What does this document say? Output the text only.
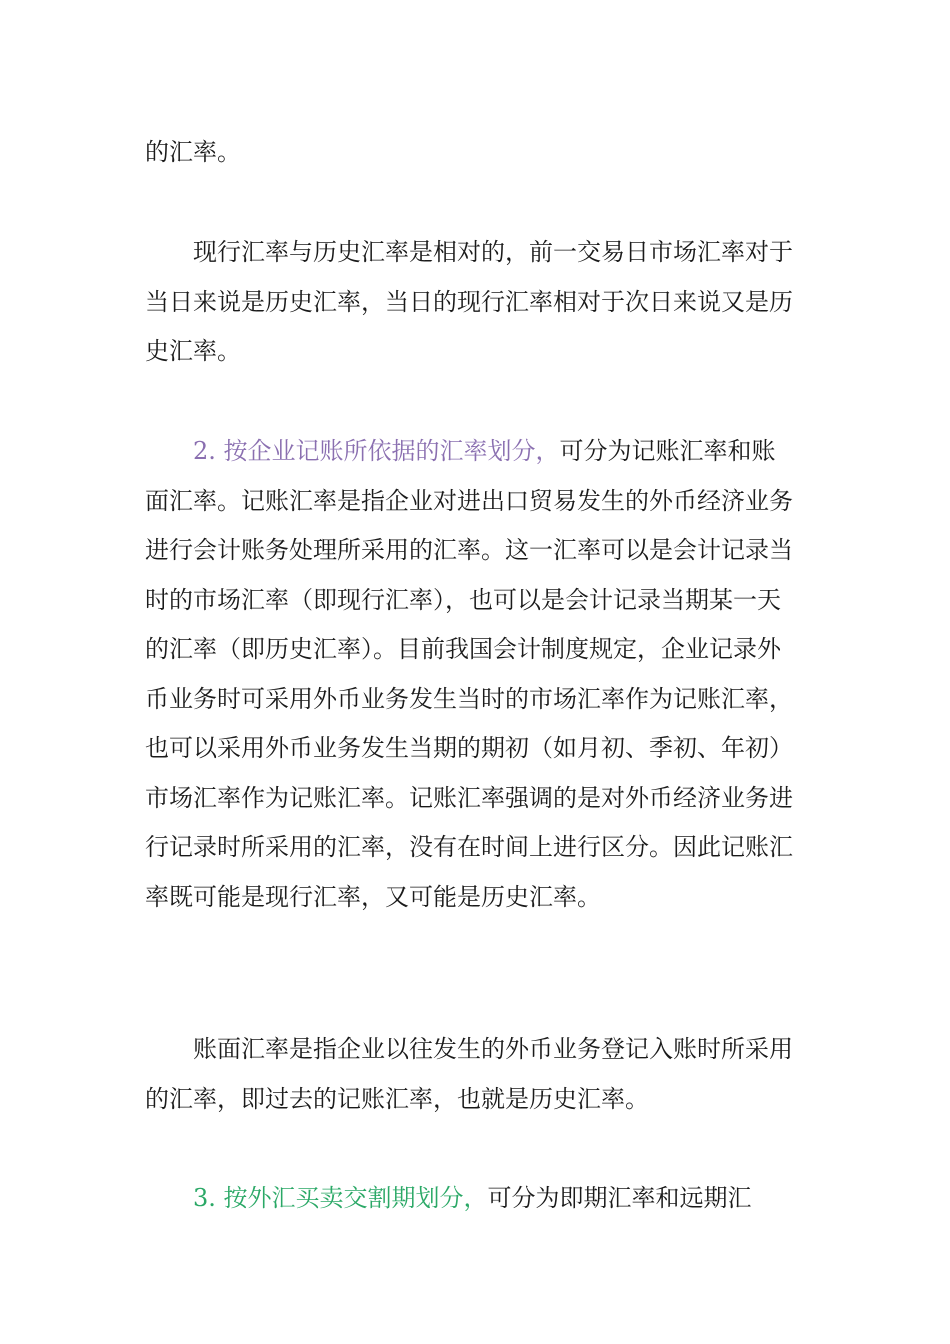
的汇率。

现行汇率与历史汇率是相对的，前一交易日市场汇率对于当日来说是历史汇率，当日的现行汇率相对于次日来说又是历史汇率。

2. 按企业记账所依据的汇率划分，可分为记账汇率和账面汇率。记账汇率是指企业对进出口贸易发生的外币经济业务进行会计账务处理所采用的汇率。这一汇率可以是会计记录当时的市场汇率（即现行汇率），也可以是会计记录当期某一天的汇率（即历史汇率）。目前我国会计制度规定，企业记录外币业务时可采用外币业务发生当时的市场汇率作为记账汇率，也可以采用外币业务发生当期的期初（如月初、季初、年初）市场汇率作为记账汇率。记账汇率强调的是对外币经济业务进行记录时所采用的汇率，没有在时间上进行区分。因此记账汇率既可能是现行汇率，又可能是历史汇率。

账面汇率是指企业以往发生的外币业务登记入账时所采用的汇率，即过去的记账汇率，也就是历史汇率。

3. 按外汇买卖交割期划分，可分为即期汇率和远期汇
